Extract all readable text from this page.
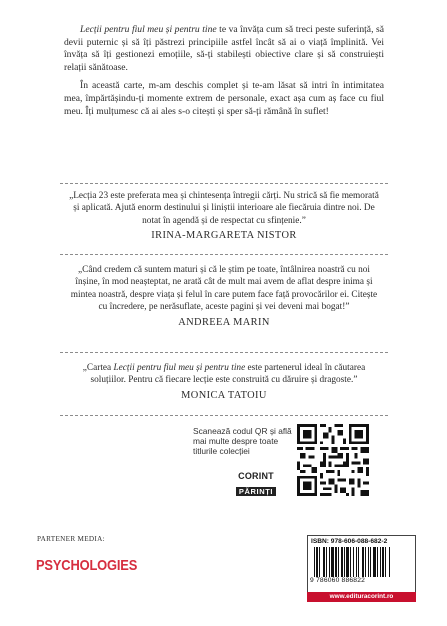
Lecții pentru fiul meu și pentru tine te va învăța cum să treci peste suferință, să devii puternic și să îți păstrezi principiile astfel încât să ai o viață împlinită. Vei învăța să îți gestionezi emoțiile, să-ți stabilești obiective clare și să construiești relații sănătoase.

În această carte, m-am deschis complet și te-am lăsat să intri în intimitatea mea, împărtășindu-ți momente extrem de personale, exact așa cum aș face cu fiul meu. Îți mulțumesc că ai ales s-o citești și sper să-ți rămână în suflet!

„Lecția 23 este preferata mea și chintesența întregii cărți. Nu strică să fie memorată și aplicată. Ajută enorm destinului și liniștii interioare ale fiecăruia dintre noi. De notat în agendă și de respectat cu sfințenie.”

IRINA-MARGARETA NISTOR

„Când credem că suntem maturi și că le știm pe toate, întâlnirea noastră cu noi înșine, în mod neașteptat, ne arată cât de mult mai avem de aflat despre inima și mintea noastră, despre viața și felul în care putem face față provocărilor ei. Citește cu încredere, pe nerăsuflate, aceste pagini și vei deveni mai bogat!”

ANDREEA MARIN

„Cartea Lecții pentru fiul meu și pentru tine este partenerul ideal în căutarea soluțiilor. Pentru că fiecare lecție este construită cu dăruire și dragoste.”

MONICA TATOIU
Scanează codul QR și află mai multe despre toate titlurile colecției
CORINT
PĂRINȚI
PARTENER MEDIA:
PSYCHOLOGIES
ISBN: 978-606-088-682-2
9 786060 886822
www.edituracorint.ro
